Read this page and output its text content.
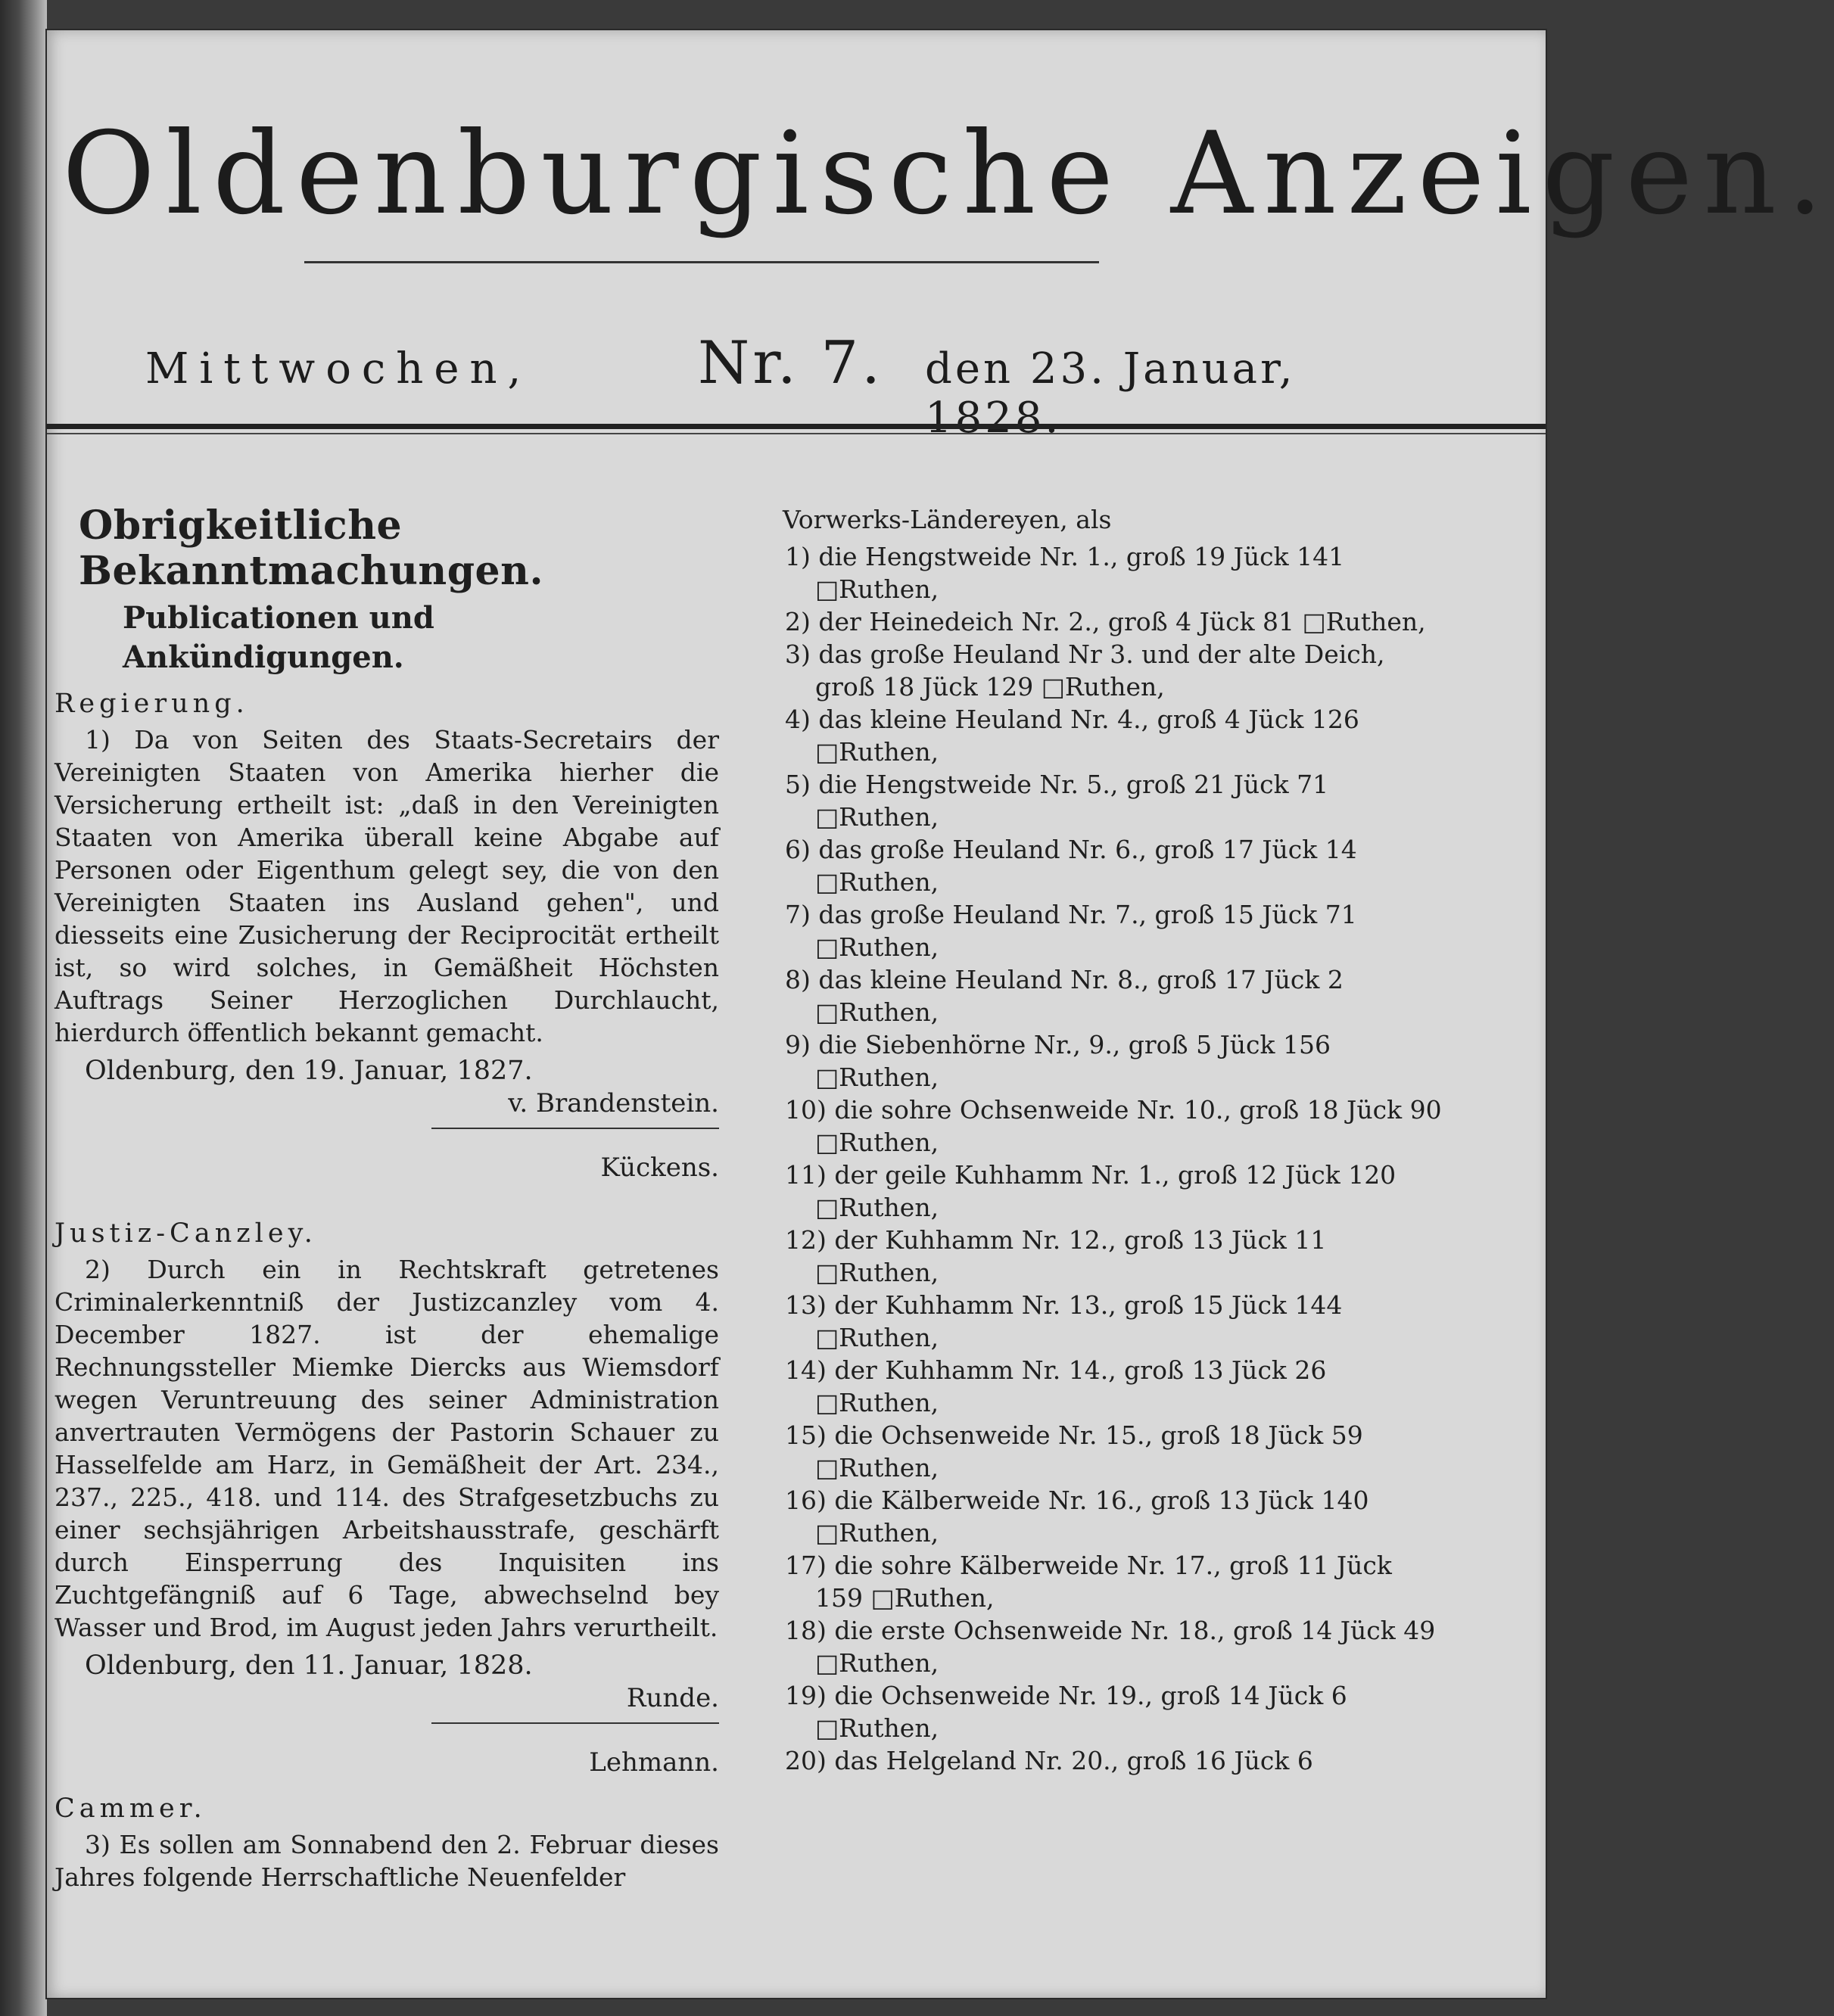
Oldenburgische Anzeigen.
Mittwochen,	Nr. 7. den 23. Januar, 1828.
Obrigkeitliche Bekanntmachungen.
Publicationen und Ankündigungen.
Regierung.

1) Da von Seiten des Staats-Secretairs der Vereinigten Staaten von Amerika hierher die Versicherung ertheilt ist: „daß in den Vereinigten Staaten von Amerika überall keine Abgabe auf Personen oder Eigenthum gelegt sey, die von den Vereinigten Staaten ins Ausland gehen", und diesseits eine Zusicherung der Reciprocität ertheilt ist, so wird solches, in Gemäßheit Höchsten Auftrags Seiner Herzoglichen Durchlaucht, hierdurch öffentlich bekannt gemacht.

Oldenburg, den 19. Januar, 1827.
v. Brandenstein.
Kückens.
Justiz-Canzley.

2) Durch ein in Rechtskraft getretenes Criminalerkenntniß der Justizcanzley vom 4. December 1827. ist der ehemalige Rechnungssteller Miemke Diercks aus Wiemsdorf wegen Veruntreuung des seiner Administration anvertrauten Vermögens der Pastorin Schauer zu Hasselfelde am Harz, in Gemäßheit der Art. 234., 237., 225., 418. und 114. des Strafgesetzbuchs zu einer sechsjährigen Arbeitshausstrafe, geschärft durch Einsperrung des Inquisiten ins Zuchtgefängniß auf 6 Tage, abwechselnd bey Wasser und Brod, im August jeden Jahrs verurtheilt.

Oldenburg, den 11. Januar, 1828.
Runde.
Lehmann.
Cammer.

3) Es sollen am Sonnabend den 2. Februar dieses Jahres folgende Herrschaftliche Neuenfelder

Vorwerks-Ländereyen, als
1) die Hengstweide Nr. 1., groß 19 Jück 141 □Ruthen,
2) der Heinedeich Nr. 2., groß 4 Jück 81 □Ruthen,
3) das große Heuland Nr 3. und der alte Deich, groß 18 Jück 129 □Ruthen,
4) das kleine Heuland Nr. 4., groß 4 Jück 126 □Ruthen,
5) die Hengstweide Nr. 5., groß 21 Jück 71 □Ruthen,
6) das große Heuland Nr. 6., groß 17 Jück 14 □Ruthen,
7) das große Heuland Nr. 7., groß 15 Jück 71 □Ruthen,
8) das kleine Heuland Nr. 8., groß 17 Jück 2 □Ruthen,
9) die Siebenhörne Nr., 9., groß 5 Jück 156 □Ruthen,
10) die sohre Ochsenweide Nr. 10., groß 18 Jück 90 □Ruthen,
11) der geile Kuhhamm Nr. 1., groß 12 Jück 120 □Ruthen,
12) der Kuhhamm Nr. 12., groß 13 Jück 11 □Ruthen,
13) der Kuhhamm Nr. 13., groß 15 Jück 144 □Ruthen,
14) der Kuhhamm Nr. 14., groß 13 Jück 26 □Ruthen,
15) die Ochsenweide Nr. 15., groß 18 Jück 59 □Ruthen,
16) die Kälberweide Nr. 16., groß 13 Jück 140 □Ruthen,
17) die sohre Kälberweide Nr. 17., groß 11 Jück 159 □Ruthen,
18) die erste Ochsenweide Nr. 18., groß 14 Jück 49 □Ruthen,
19) die Ochsenweide Nr. 19., groß 14 Jück 6 □Ruthen,
20) das Helgeland Nr. 20., groß 16 Jück 6
